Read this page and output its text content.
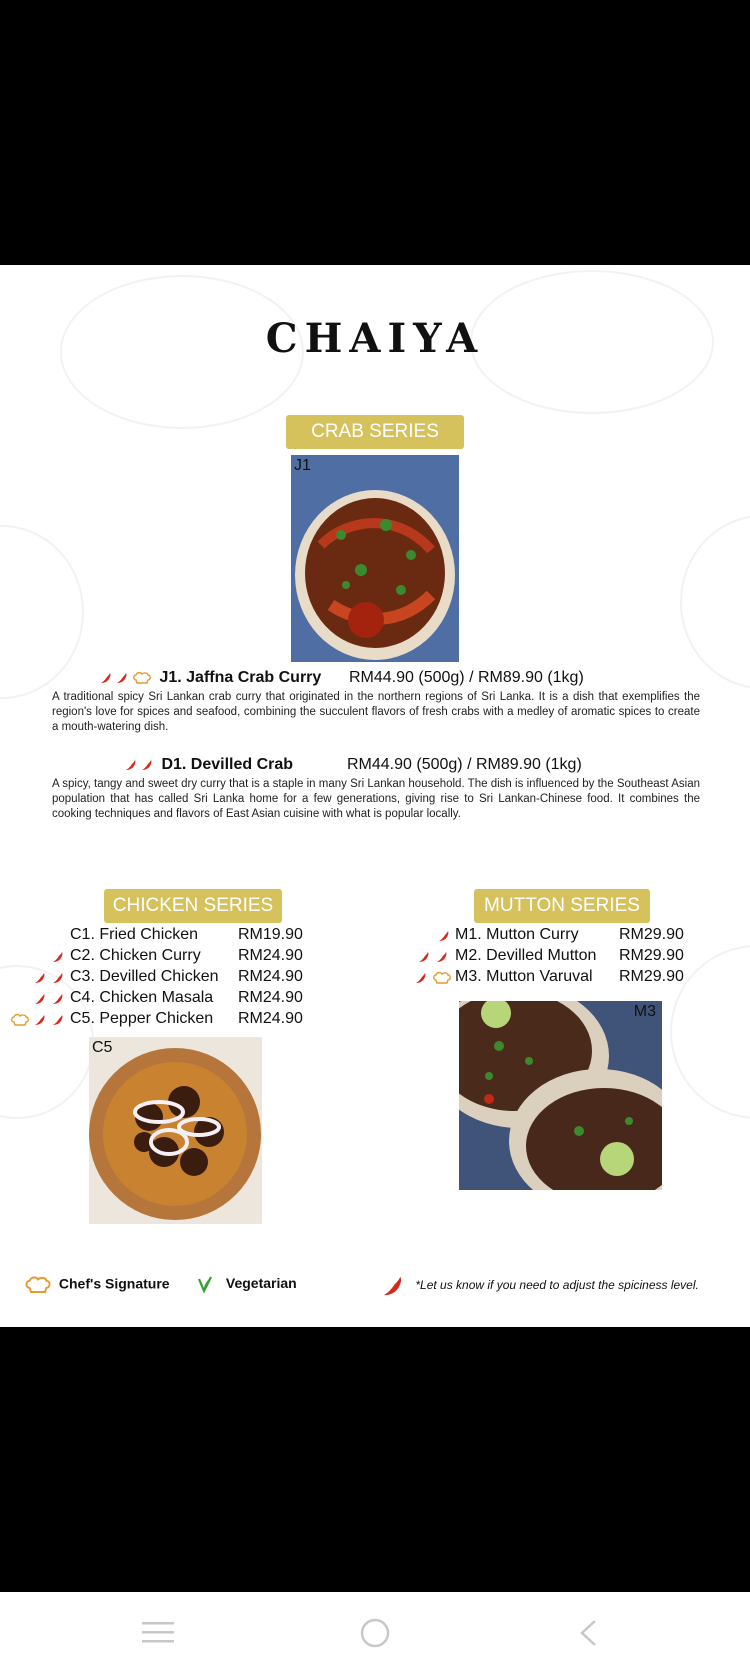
CHAIYA
CRAB SERIES
J1
J1. Jaffna Crab Curry RM44.90 (500g) / RM89.90 (1kg)
A traditional spicy Sri Lankan crab curry that originated in the northern regions of Sri Lanka. It is a dish that exemplifies the region's love for spices and seafood, combining the succulent flavors of fresh crabs with a medley of aromatic spices to create a mouth-watering dish.
D1. Devilled Crab	RM44.90 (500g) / RM89.90 (1kg)
A spicy, tangy and sweet dry curry that is a staple in many Sri Lankan household. The dish is influenced by the Southeast Asian population that has called Sri Lanka home for a few generations, giving rise to Sri Lankan-Chinese food. It combines the cooking techniques and flavors of East Asian cuisine with what is popular locally.
CHICKEN SERIES
C1. Fried Chicken RM19.90
C2. Chicken Curry RM24.90
C3. Devilled Chicken RM24.90
C4. Chicken Masala RM24.90
C5. Pepper Chicken RM24.90
C5
MUTTON SERIES
M1. Mutton Curry	RM29.90
M2. Devilled Mutton RM29.90
M3. Mutton Varuval RM29.90
M3
Chef's Signature	Vegetarian	*Let us know if you need to adjust the spiciness level.
